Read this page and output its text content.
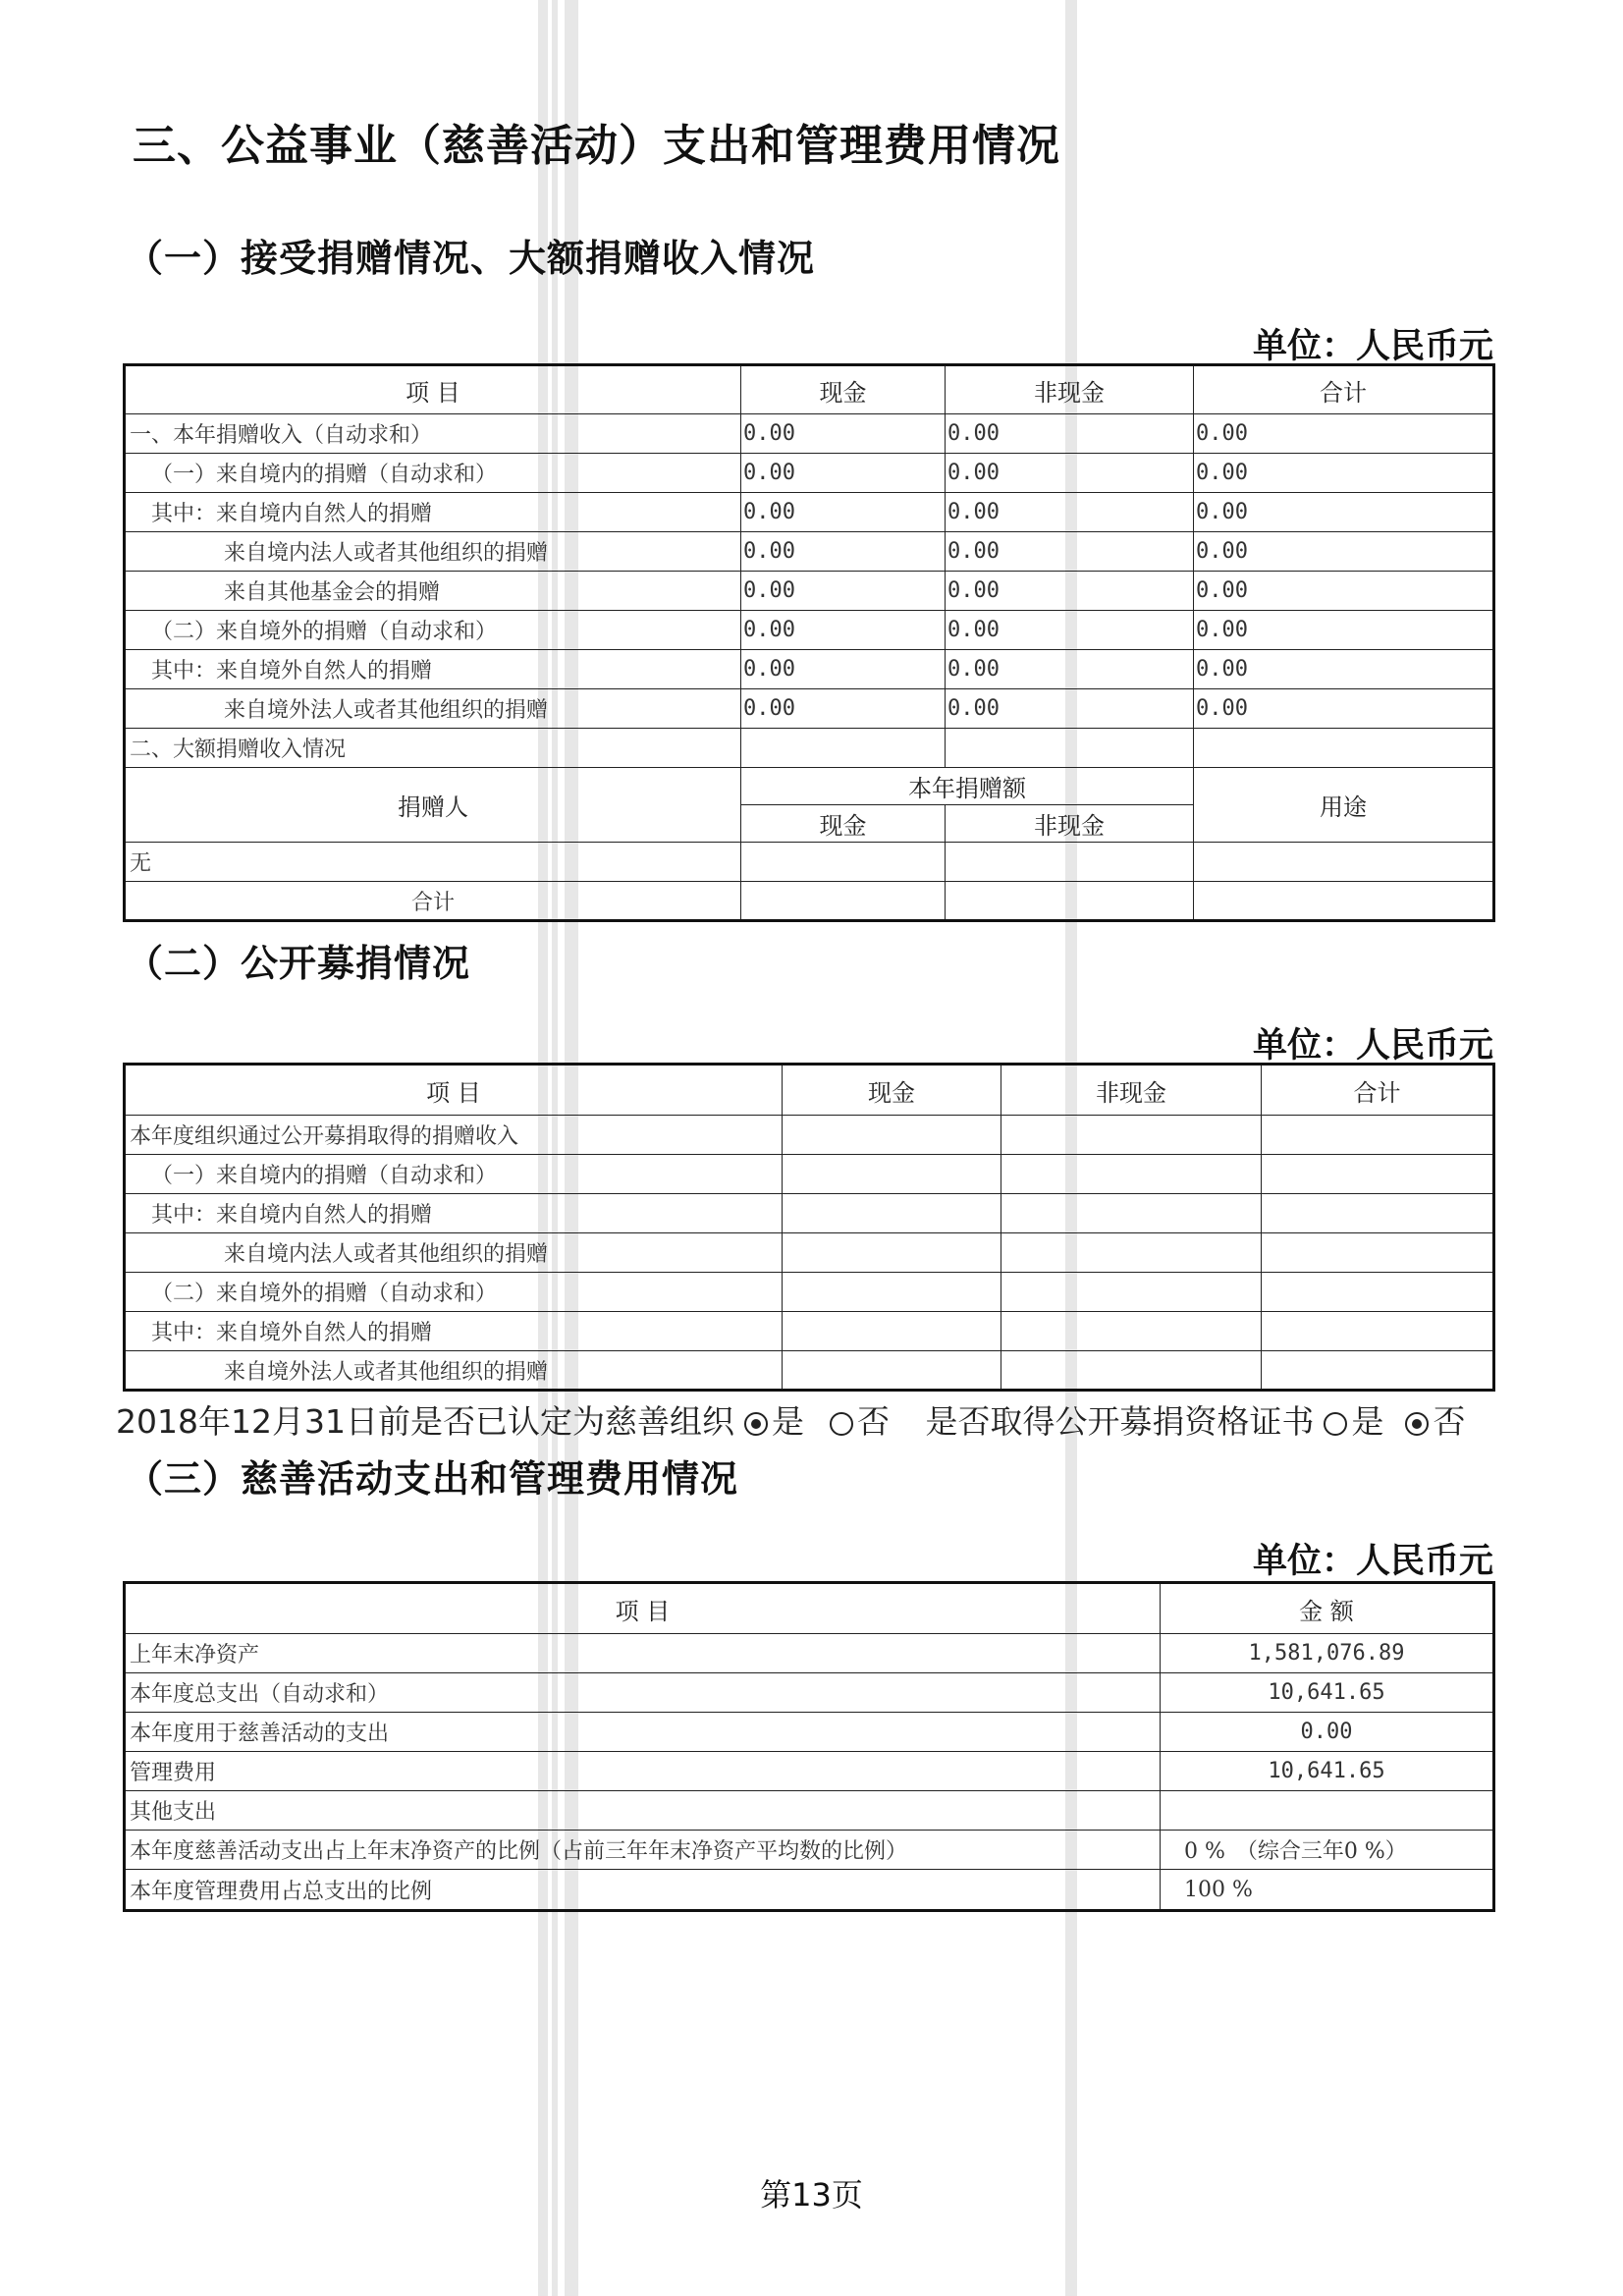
三、公益事业（慈善活动）支出和管理费用情况
（一）接受捐赠情况、大额捐赠收入情况
单位：人民币元
项 目	现金	非现金	合计
一、本年捐赠收入（自动求和）	0.00	0.00	0.00
（一）来自境内的捐赠（自动求和）	0.00	0.00	0.00
其中：来自境内自然人的捐赠	0.00	0.00	0.00
来自境内法人或者其他组织的捐赠	0.00	0.00	0.00
来自其他基金会的捐赠	0.00	0.00	0.00
（二）来自境外的捐赠（自动求和）	0.00	0.00	0.00
其中：来自境外自然人的捐赠	0.00	0.00	0.00
来自境外法人或者其他组织的捐赠	0.00	0.00	0.00
二、大额捐赠收入情况			
捐赠人	本年捐赠额		用途
	现金	非现金	
无			
合计			
（二）公开募捐情况
单位：人民币元
项 目	现金	非现金	合计
本年度组织通过公开募捐取得的捐赠收入			
（一）来自境内的捐赠（自动求和）			
其中：来自境内自然人的捐赠			
来自境内法人或者其他组织的捐赠			
（二）来自境外的捐赠（自动求和）			
其中：来自境外自然人的捐赠			
来自境外法人或者其他组织的捐赠			
2018年12月31日前是否已认定为慈善组织 是 否 是否取得公开募捐资格证书 是 否
（三）慈善活动支出和管理费用情况
单位：人民币元
项 目	金 额
上年末净资产	1,581,076.89
本年度总支出（自动求和）	10,641.65
本年度用于慈善活动的支出	0.00
管理费用	10,641.65
其他支出	
本年度慈善活动支出占上年末净资产的比例（占前三年年末净资产平均数的比例）	0 %　（综合三年0 %）
本年度管理费用占总支出的比例	100 %
第13页
